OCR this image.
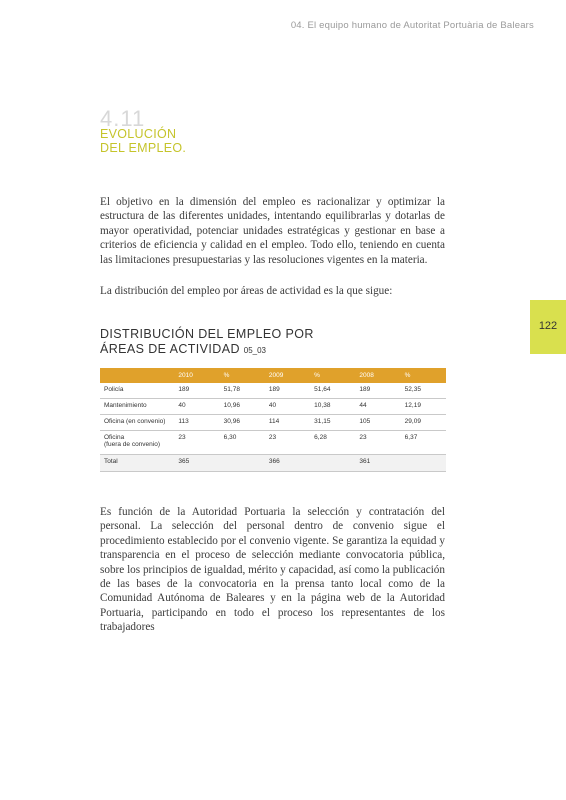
04. El equipo humano de Autoritat Portuària de Balears
4.11
EVOLUCIÓN
DEL EMPLEO.

El objetivo en la dimensión del empleo es racionalizar y optimizar la estructura de las diferentes unidades, intentando equilibrarlas y dotarlas de mayor operatividad, potenciar unidades estratégicas y gestionar en base a criterios de eficiencia y calidad en el empleo. Todo ello, teniendo en cuenta las limitaciones presupuestarias y las resoluciones vigentes en la materia.

La distribución del empleo por áreas de actividad es la que sigue:

122
DISTRIBUCIÓN DEL EMPLEO POR
ÁREAS DE ACTIVIDAD 05_03
	2010	%	2009	%	2008	%
Policía	189	51,78	189	51,64	189	52,35
Mantenimiento	40	10,96	40	10,38	44	12,19
Oficina (en convenio)	113	30,96	114	31,15	105	29,09

Oficina
(fuera de convenio)	23	6,30	23	6,28	23	6,37
Total	365		366		361	

Es función de la Autoridad Portuaria la selección y contratación del personal. La selección del personal dentro de convenio sigue el procedimiento establecido por el convenio vigente. Se garantiza la equidad y transparencia en el proceso de selección mediante convocatoria pública, sobre los principios de igualdad, mérito y capacidad, así como la publicación de las bases de la convocatoria en la prensa tanto local como de la Comunidad Autónoma de Baleares y en la página web de la Autoridad Portuaria, participando en todo el proceso los representantes de los trabajadores
